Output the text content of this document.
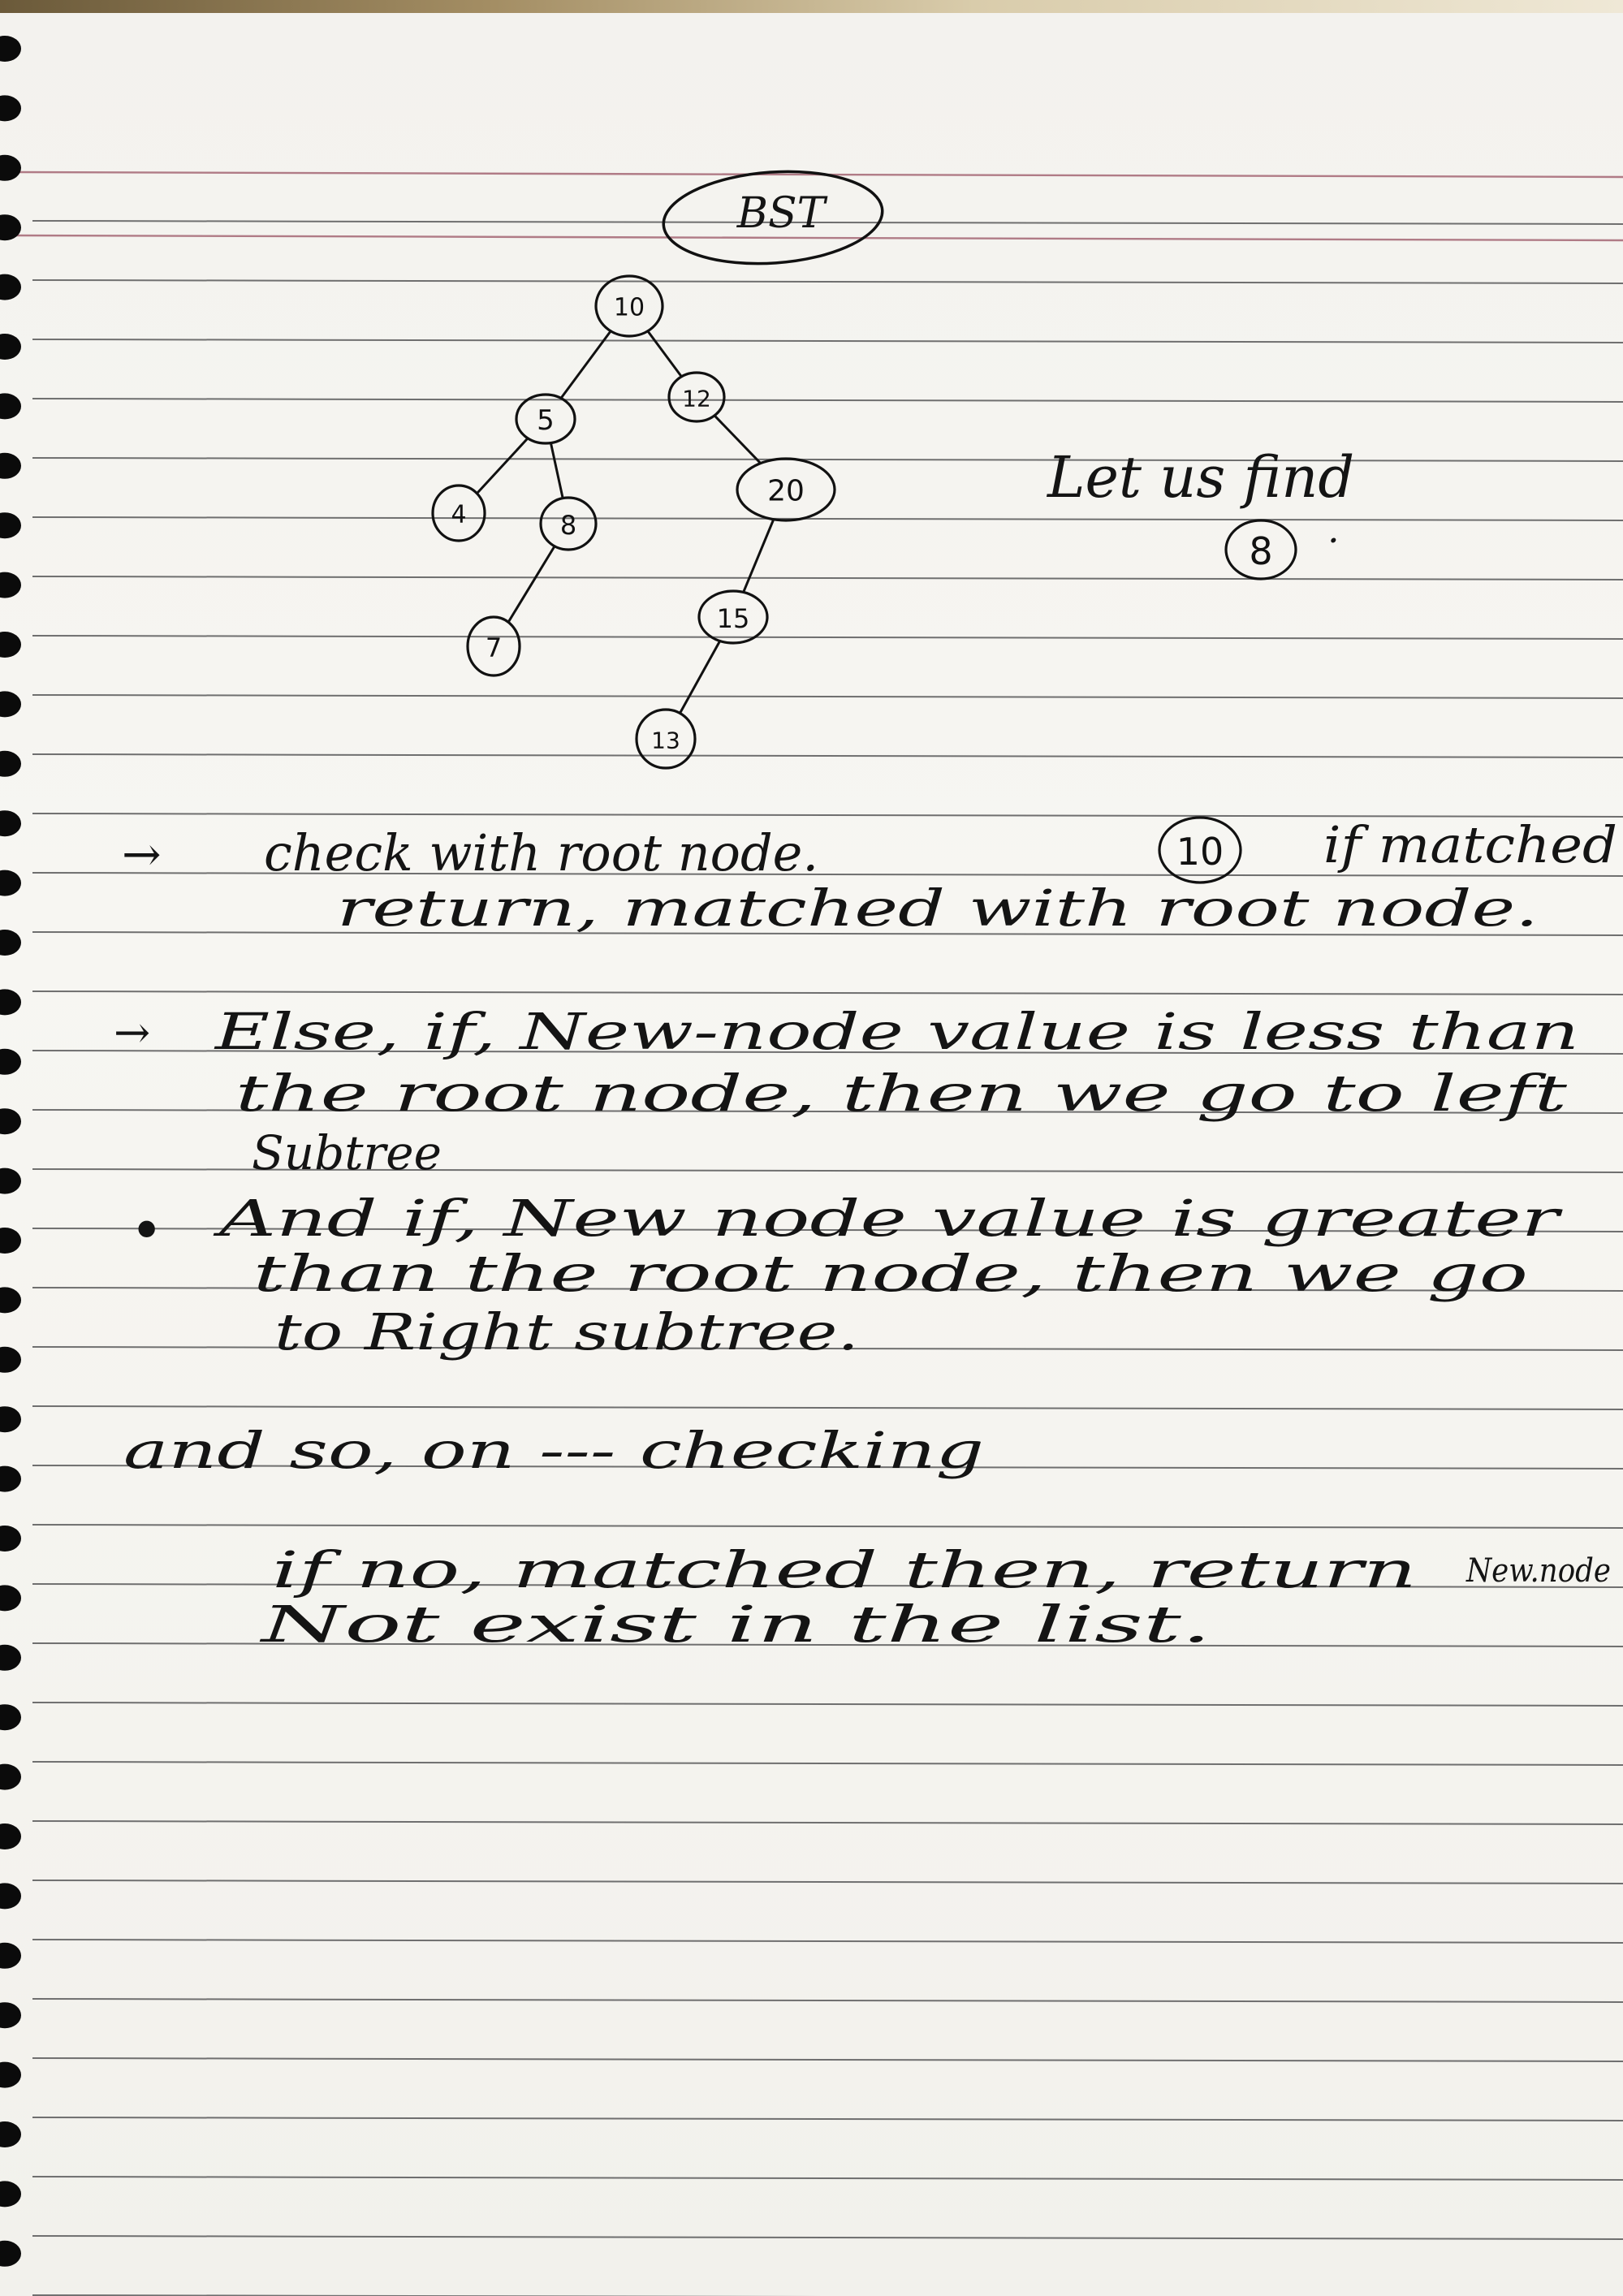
BST
10
5
12
4	8
20
7
15
13
Let us find
8 .
→ check with root node.	10 if matched
return, matched with root node.
→ Else, if, New-node value is less than
the root node, then we go to left
Subtree
• And if, New node value is greater
than the root node, then we go
to Right subtree.
and so, on --- checking
if no, matched then, return New.node
Not exist in the list.
